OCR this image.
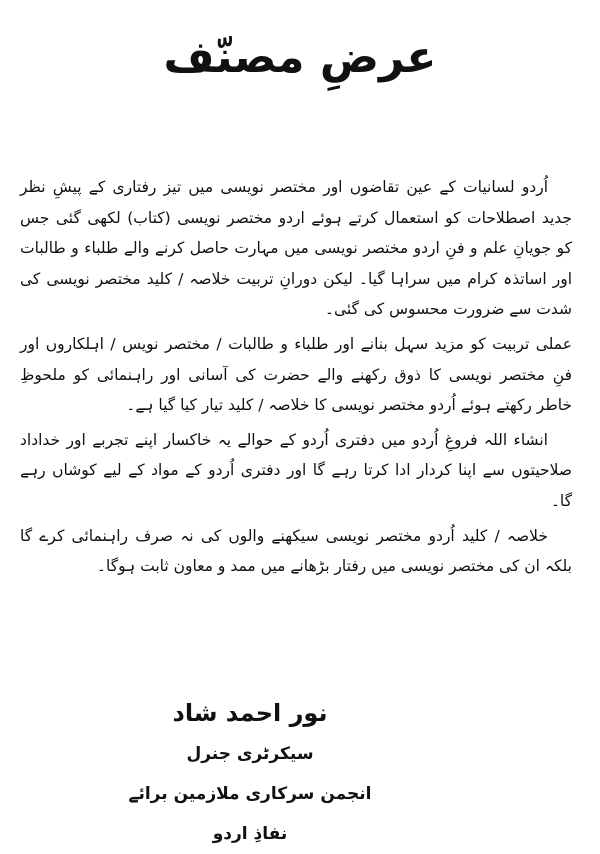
عرضِ مصنّف

اُردو لسانیات کے عین تقاضوں اور مختصر نویسی میں تیز رفتاری کے پیشِ نظر جدید اصطلاحات کو استعمال کرتے ہوئے اردو مختصر نویسی (کتاب) لکھی گئی جس کو جویانِ علم و فنِ اردو مختصر نویسی میں مہارت حاصل کرنے والے طلباء و طالبات اور اساتذہ کرام میں سراہا گیا۔ لیکن دورانِ تربیت خلاصہ / کلید مختصر نویسی کی شدت سے ضرورت محسوس کی گئی۔

عملی تربیت کو مزید سہل بنانے اور طلباء و طالبات / مختصر نویس / اہلکاروں اور فنِ مختصر نویسی کا ذوق رکھنے والے حضرت کی آسانی اور راہنمائی کو ملحوظِ خاطر رکھتے ہوئے اُردو مختصر نویسی کا خلاصہ / کلید تیار کیا گیا ہے۔

انشاء اللہ فروغِ اُردو میں دفتری اُردو کے حوالے یہ خاکسار اپنے تجربے اور خداداد صلاحیتوں سے اپنا کردار ادا کرتا رہے گا اور دفتری اُردو کے مواد کے لیے کوشاں رہے گا۔

خلاصہ / کلید اُردو مختصر نویسی سیکھنے والوں کی نہ صرف راہنمائی کرے گا بلکہ ان کی مختصر نویسی میں رفتار بڑھانے میں ممد و معاون ثابت ہوگا۔

نور احمد شاد
سیکرٹری جنرل
انجمن سرکاری ملازمین برائے نفاذِ اردو
